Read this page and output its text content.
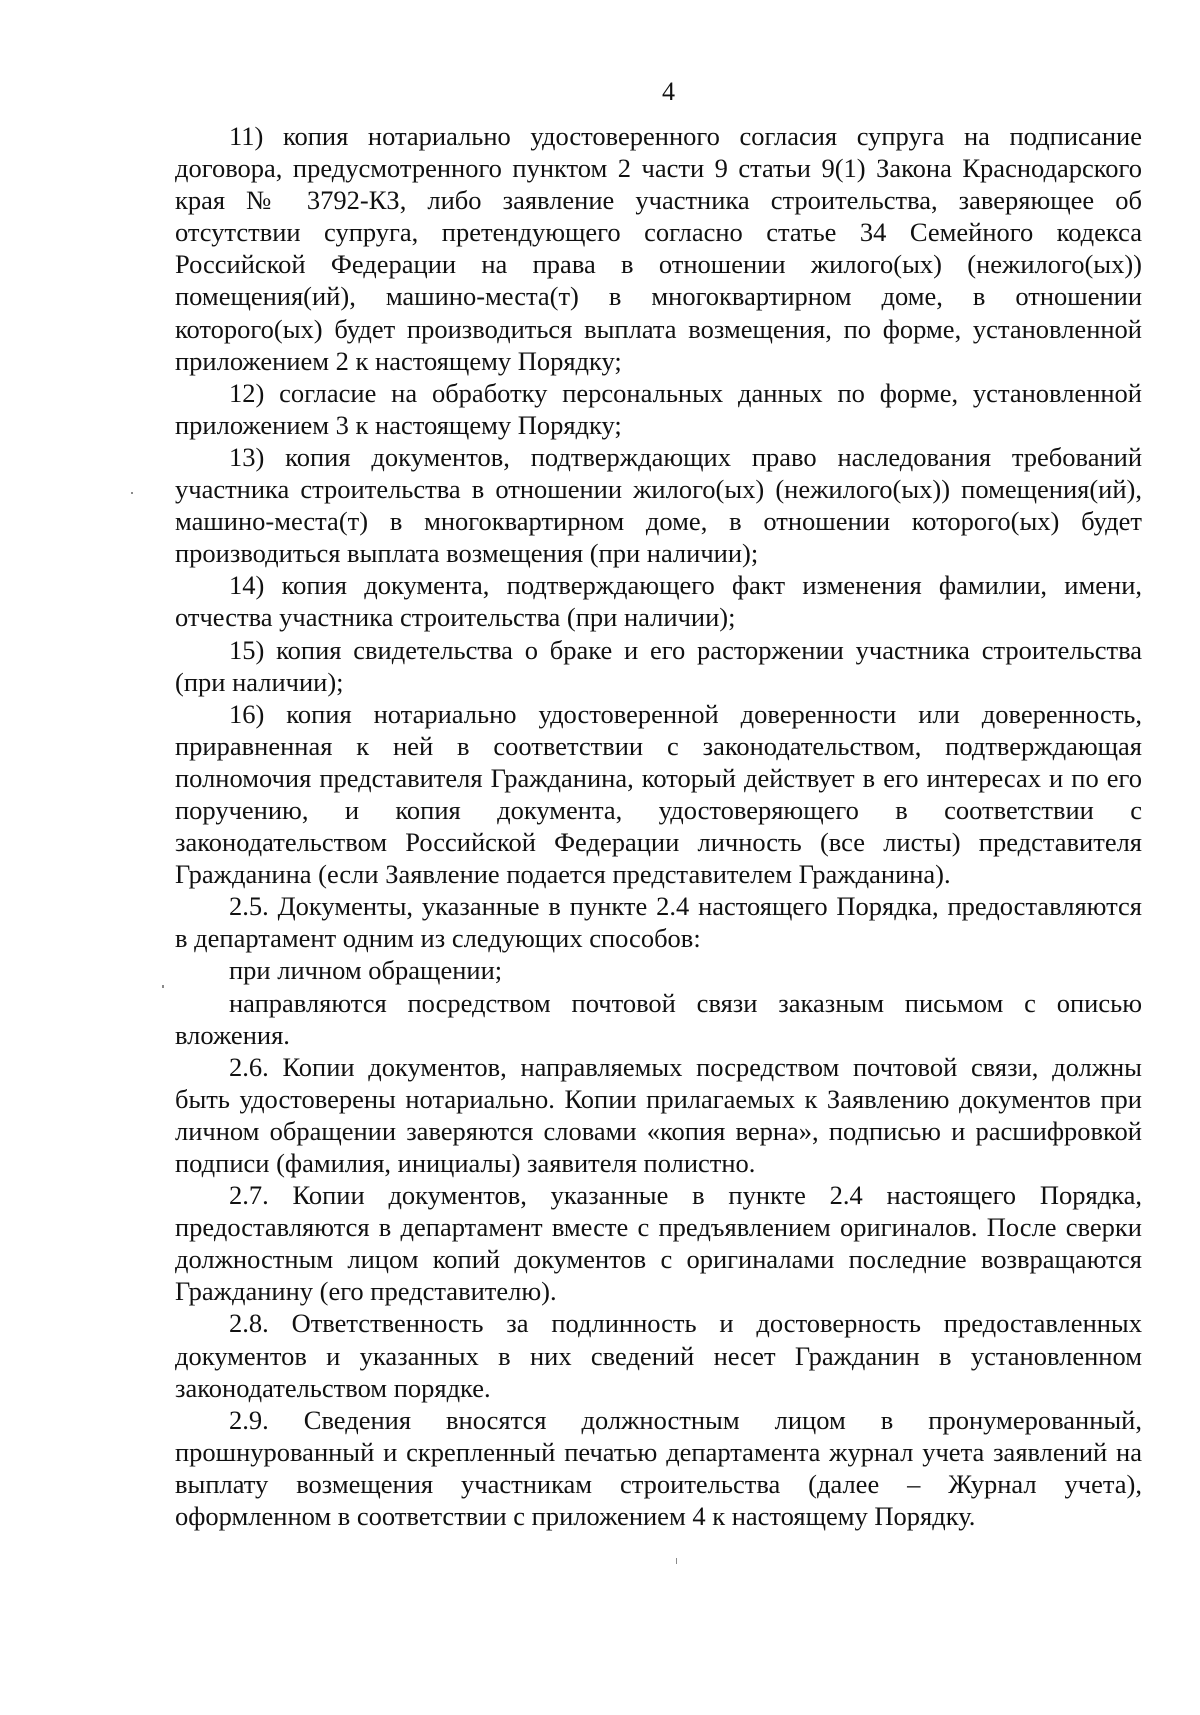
4

11) копия нотариально удостоверенного согласия супруга на подписание договора, предусмотренного пунктом 2 части 9 статьи 9(1) Закона Краснодарского края № 3792-КЗ, либо заявление участника строительства, заверяющее об отсутствии супруга, претендующего согласно статье 34 Семейного кодекса Российской Федерации на права в отношении жилого(ых) (нежилого(ых)) помещения(ий), машино-места(т) в многоквартирном доме, в отношении которого(ых) будет производиться выплата возмещения, по форме, установленной приложением 2 к настоящему Порядку;

12) согласие на обработку персональных данных по форме, установленной приложением 3 к настоящему Порядку;

13) копия документов, подтверждающих право наследования требований участника строительства в отношении жилого(ых) (нежилого(ых)) помещения(ий), машино-места(т) в многоквартирном доме, в отношении которого(ых) будет производиться выплата возмещения (при наличии);

14) копия документа, подтверждающего факт изменения фамилии, имени, отчества участника строительства (при наличии);

15) копия свидетельства о браке и его расторжении участника строительства (при наличии);

16) копия нотариально удостоверенной доверенности или доверенность, приравненная к ней в соответствии с законодательством, подтверждающая полномочия представителя Гражданина, который действует в его интересах и по его поручению, и копия документа, удостоверяющего в соответствии с законодательством Российской Федерации личность (все листы) представителя Гражданина (если Заявление подается представителем Гражданина).

2.5. Документы, указанные в пункте 2.4 настоящего Порядка, предоставляются в департамент одним из следующих способов:

при личном обращении;

направляются посредством почтовой связи заказным письмом с описью вложения.

2.6. Копии документов, направляемых посредством почтовой связи, должны быть удостоверены нотариально. Копии прилагаемых к Заявлению документов при личном обращении заверяются словами «копия верна», подписью и расшифровкой подписи (фамилия, инициалы) заявителя полистно.

2.7. Копии документов, указанные в пункте 2.4 настоящего Порядка, предоставляются в департамент вместе с предъявлением оригиналов. После сверки должностным лицом копий документов с оригиналами последние возвращаются Гражданину (его представителю).

2.8. Ответственность за подлинность и достоверность предоставленных документов и указанных в них сведений несет Гражданин в установленном законодательством порядке.

2.9. Сведения вносятся должностным лицом в пронумерованный, прошнурованный и скрепленный печатью департамента журнал учета заявлений на выплату возмещения участникам строительства (далее – Журнал учета), оформленном в соответствии с приложением 4 к настоящему Порядку.
